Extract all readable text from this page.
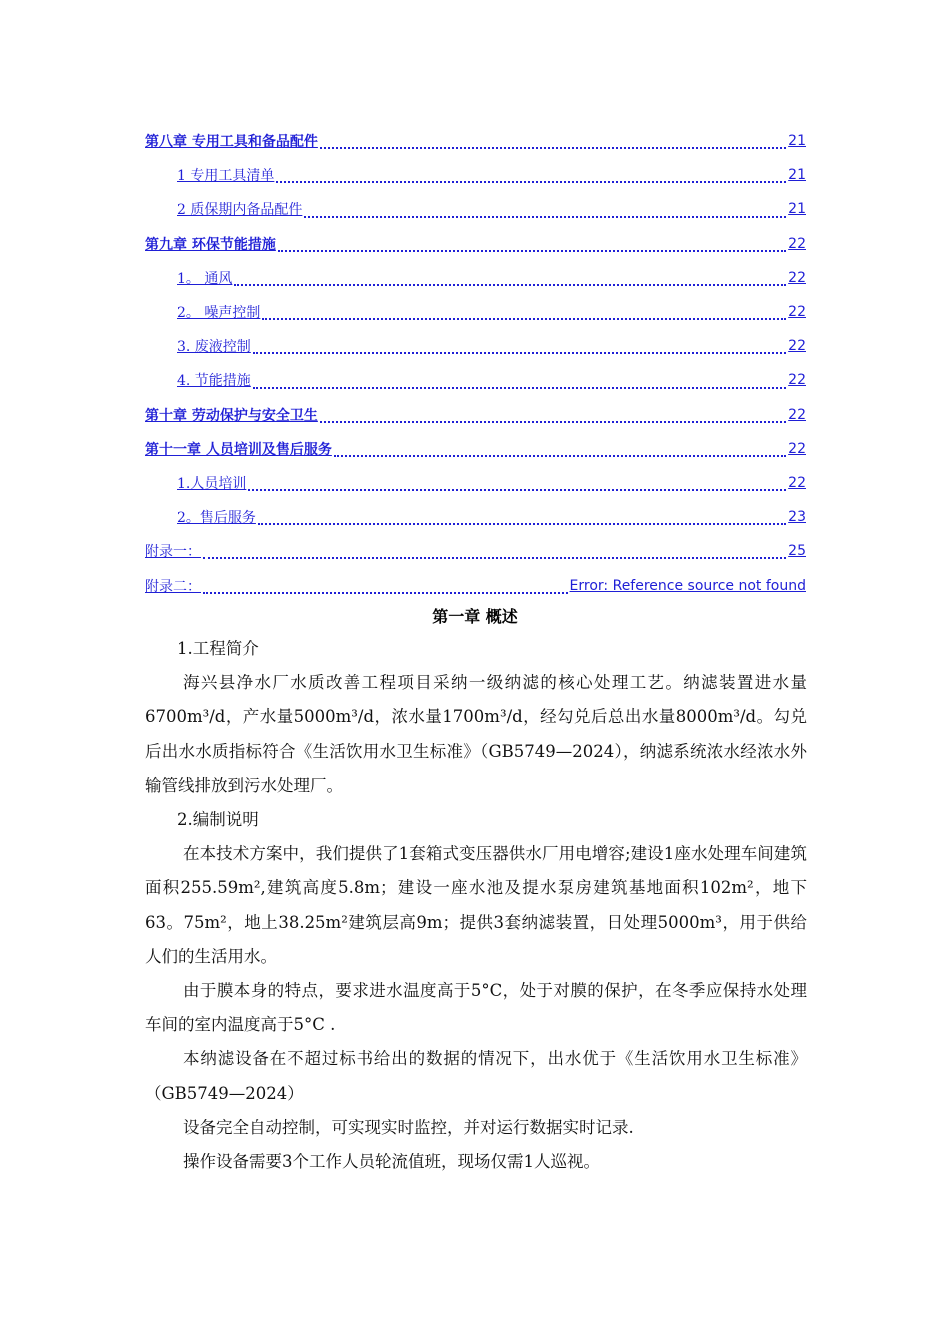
第八章 专用工具和备品配件	21
1 专用工具清单	21
2 质保期内备品配件	21
第九章 环保节能措施	22
1。 通风	22
2。 噪声控制	22
3. 废液控制	22
4. 节能措施	22
第十章 劳动保护与安全卫生	22
第十一章 人员培训及售后服务	22
1.人员培训	22
2。售后服务	23
附录一：	25
附录二：	Error: Reference source not found
第一章 概述

1.工程简介

海兴县净水厂水质改善工程项目采纳一级纳滤的核心处理工艺。纳滤装置进水量6700m³/d，产水量5000m³/d，浓水量1700m³/d，经勾兑后总出水量8000m³/d。勾兑后出水水质指标符合《生活饮用水卫生标准》（GB5749—2024），纳滤系统浓水经浓水外输管线排放到污水处理厂。

2.编制说明

在本技术方案中，我们提供了1套箱式变压器供水厂用电增容;建设1座水处理车间建筑面积255.59m²,建筑高度5.8m；建设一座水池及提水泵房建筑基地面积102m²，地下63。75m²，地上38.25m²建筑层高9m；提供3套纳滤装置，日处理5000m³，用于供给人们的生活用水。

由于膜本身的特点，要求进水温度高于5°C，处于对膜的保护，在冬季应保持水处理车间的室内温度高于5°C .

本纳滤设备在不超过标书给出的数据的情况下，出水优于《生活饮用水卫生标准》（GB5749—2024）

设备完全自动控制，可实现实时监控，并对运行数据实时记录.

操作设备需要3个工作人员轮流值班，现场仅需1人巡视。
